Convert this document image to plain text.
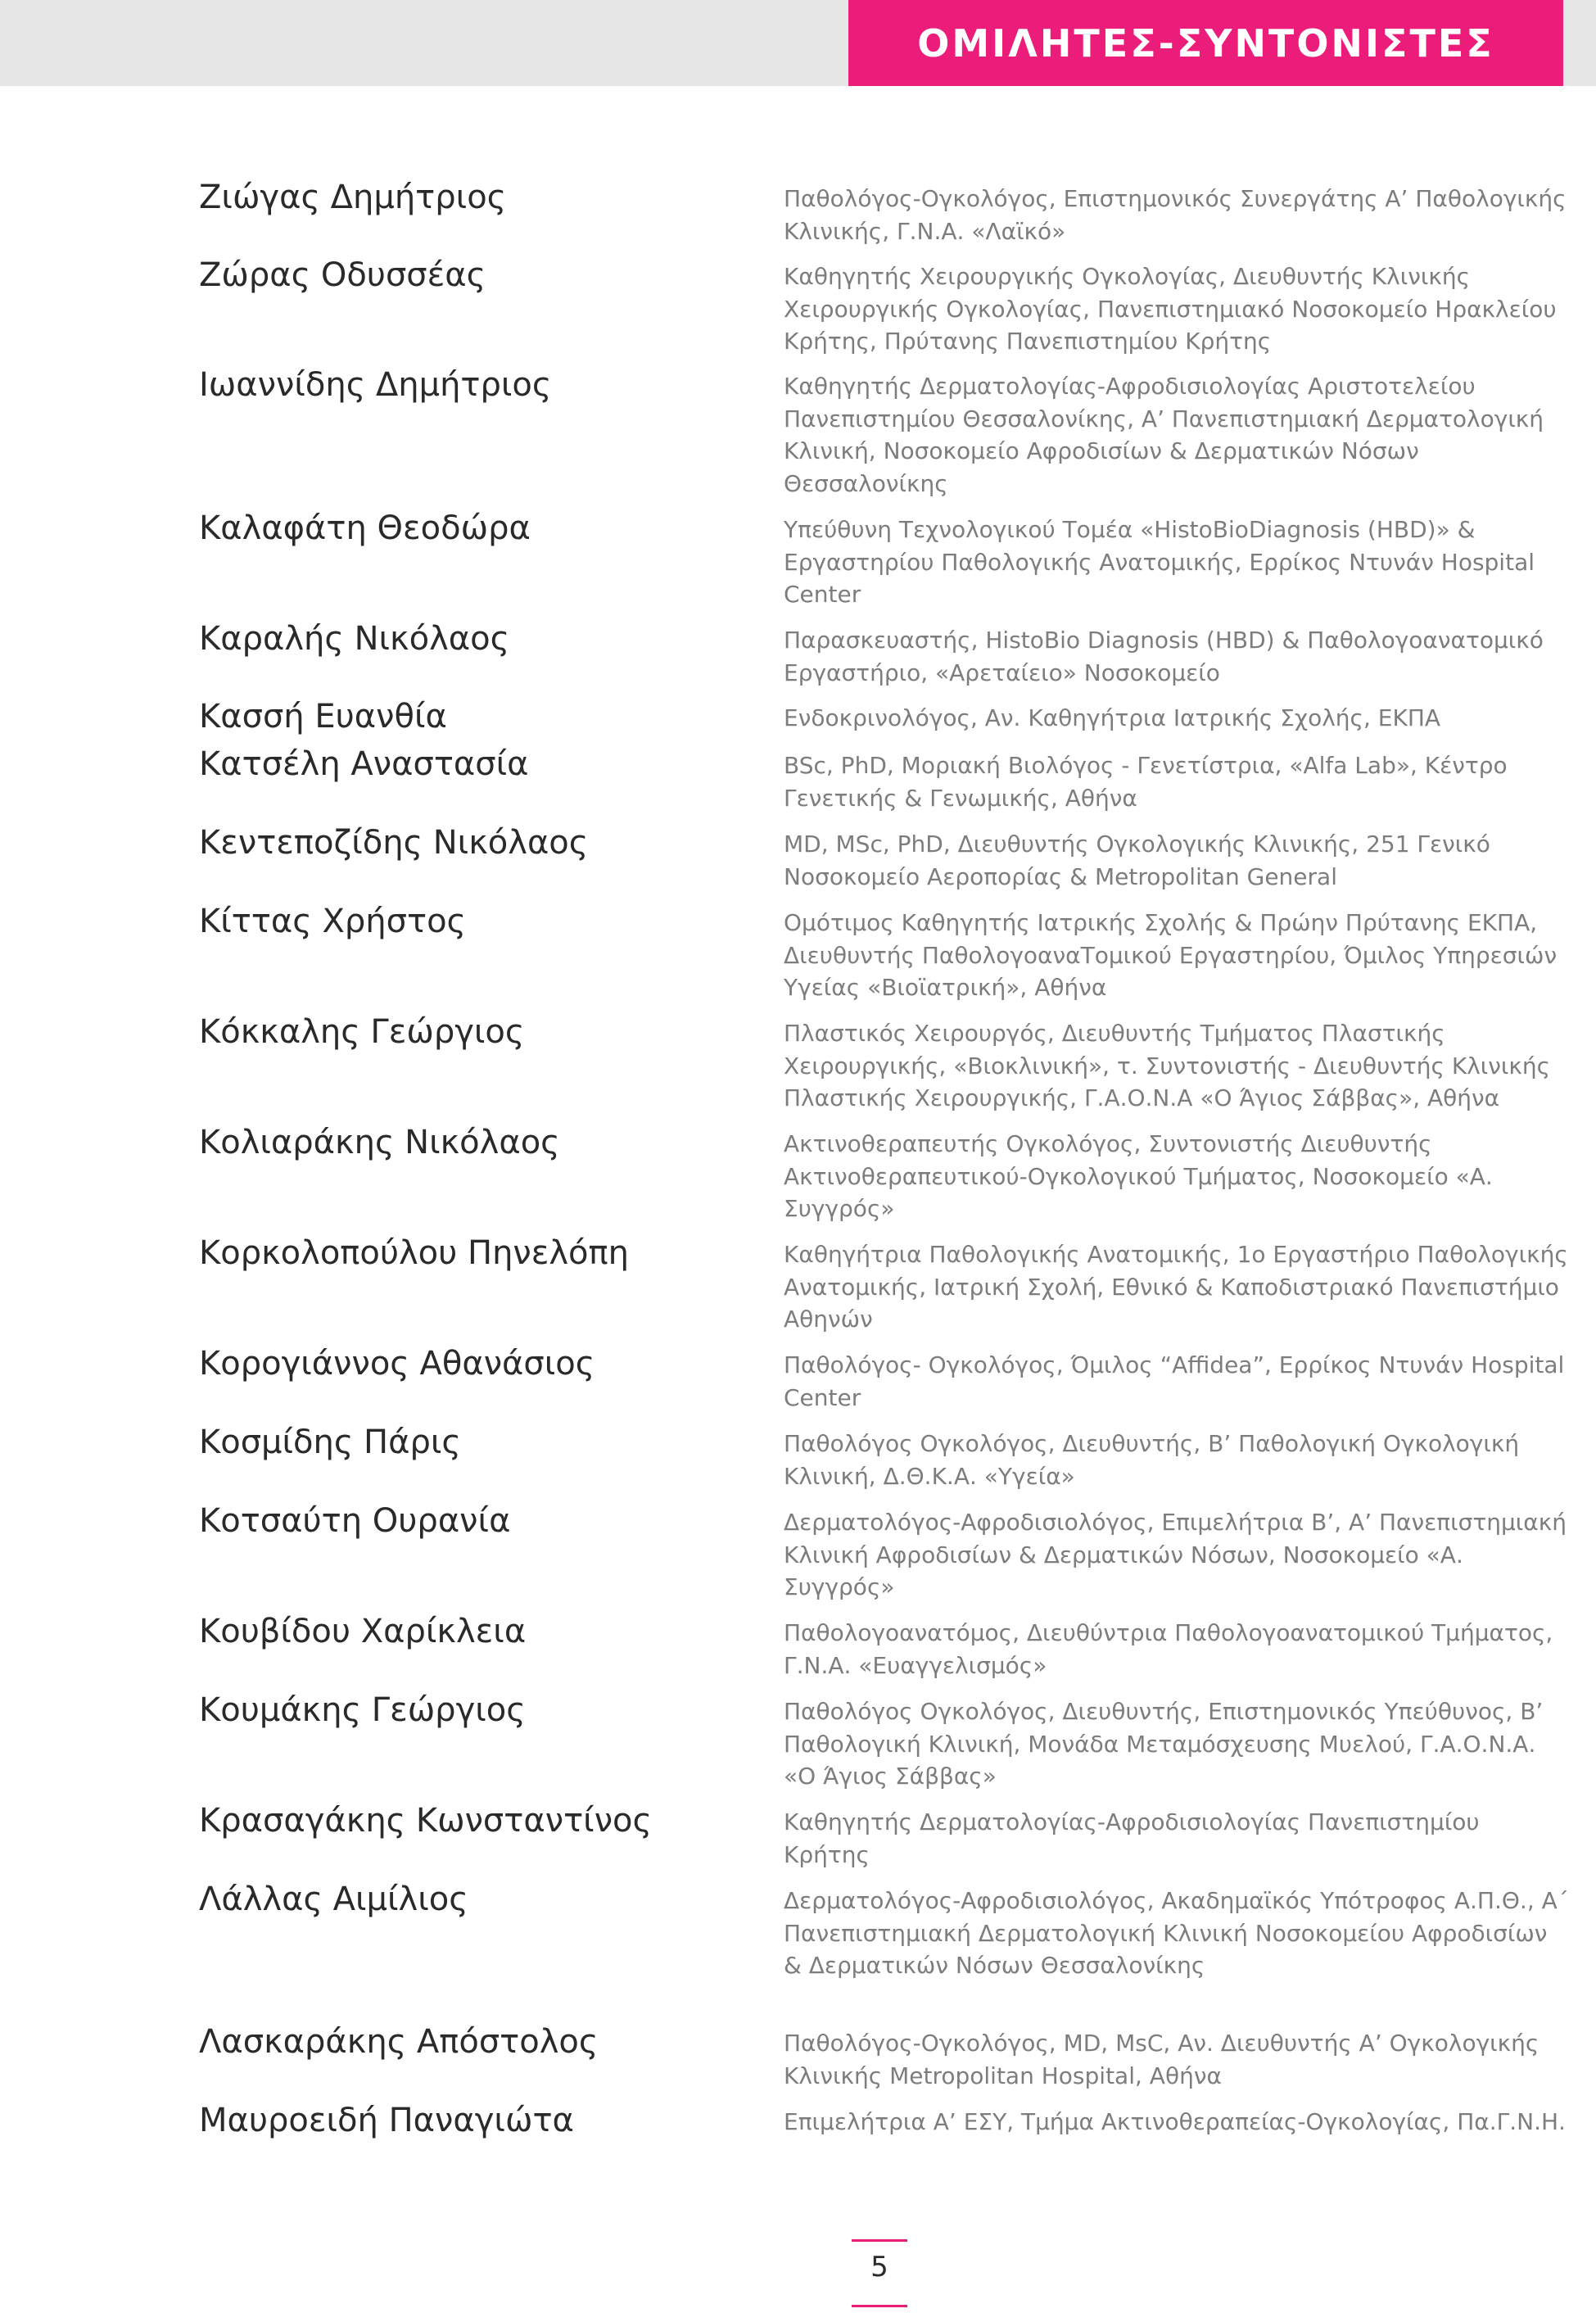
ΟΜΙΛΗΤΕΣ-ΣΥΝΤΟΝΙΣΤΕΣ
Ζιώγας Δημήτριος	Παθολόγος-Ογκολόγος, Επιστημονικός Συνεργάτης Α’ Παθολογικής Κλινικής, Γ.Ν.Α. «Λαϊκό»
Ζώρας Οδυσσέας	Καθηγητής Χειρουργικής Ογκολογίας, Διευθυντής Κλινικής Χειρουργικής Ογκολογίας, Πανεπιστημιακό Νοσοκομείο Ηρακλείου Κρήτης, Πρύτανης Πανεπιστημίου Κρήτης
Ιωαννίδης Δημήτριος	Καθηγητής Δερματολογίας-Αφροδισιολογίας Αριστοτελείου Πανεπιστημίου Θεσσαλονίκης, Α’ Πανεπιστημιακή Δερματολογική Κλινική, Νοσοκομείο Αφροδισίων & Δερματικών Νόσων Θεσσαλονίκης
Καλαφάτη Θεοδώρα	Υπεύθυνη Τεχνολογικού Τομέα «HistoBioDiagnosis (HBD)» & Εργαστηρίου Παθολογικής Ανατομικής, Ερρίκος Ντυνάν Hospital Center
Καραλής Νικόλαος	Παρασκευαστής, HistoBio Diagnosis (HBD) & Παθολογοανατομικό Εργαστήριο, «Αρεταίειο» Νοσοκομείο
Κασσή Ευανθία	Ενδοκρινολόγος, Αν. Καθηγήτρια Ιατρικής Σχολής, ΕΚΠΑ
Κατσέλη Αναστασία	BSc, PhD, Μοριακή Βιολόγος - Γενετίστρια, «Alfa Lab», Κέντρο Γενετικής & Γενωμικής, Αθήνα
Κεντεποζίδης Νικόλαος	MD, MSc, PhD, Διευθυντής Ογκολογικής Κλινικής, 251 Γενικό Νοσοκομείο Αεροπορίας & Metropolitan General
Κίττας Χρήστος	Ομότιμος Καθηγητής Ιατρικής Σχολής & Πρώην Πρύτανης ΕΚΠΑ, Διευθυντής ΠαθολογοαναΤομικού Εργαστηρίου, Όμιλος Υπηρεσιών Υγείας «Βιοϊατρική», Αθήνα
Κόκκαλης Γεώργιος	Πλαστικός Χειρουργός, Διευθυντής Τμήματος Πλαστικής Χειρουργικής, «Βιοκλινική», τ. Συντονιστής - Διευθυντής Κλινικής Πλαστικής Χειρουργικής, Γ.Α.Ο.Ν.Α «Ο Άγιος Σάββας», Αθήνα
Κολιαράκης Νικόλαος	Ακτινοθεραπευτής Ογκολόγος, Συντονιστής Διευθυντής Ακτινοθεραπευτικού-Ογκολογικού Τμήματος, Νοσοκομείο «Α. Συγγρός»
Κορκολοπούλου Πηνελόπη	Καθηγήτρια Παθολογικής Ανατομικής, 1ο Εργαστήριο Παθολογικής Ανατομικής, Ιατρική Σχολή, Εθνικό & Καποδιστριακό Πανεπιστήμιο Αθηνών
Κορογιάννος Αθανάσιος	Παθολόγος- Ογκολόγος, Όμιλος “Affidea”, Ερρίκος Ντυνάν Hospital Center
Κοσμίδης Πάρις	Παθολόγος Ογκολόγος, Διευθυντής, Β’ Παθολογική Ογκολογική Κλινική, Δ.Θ.Κ.Α. «Υγεία»
Κοτσαύτη Ουρανία	Δερματολόγος-Αφροδισιολόγος, Επιμελήτρια Β’, Α’ Πανεπιστημιακή Κλινική Αφροδισίων & Δερματικών Νόσων, Νοσοκομείο «Α. Συγγρός»
Κουβίδου Χαρίκλεια	Παθολογοανατόμος, Διευθύντρια Παθολογοανατομικού Τμήματος, Γ.Ν.Α. «Ευαγγελισμός»
Κουμάκης Γεώργιος	Παθολόγος Ογκολόγος, Διευθυντής, Επιστημονικός Υπεύθυνος, Β’ Παθολογική Κλινική, Μονάδα Μεταμόσχευσης Μυελού, Γ.Α.Ο.Ν.Α. «Ο Άγιος Σάββας»
Κρασαγάκης Κωνσταντίνος	Καθηγητής Δερματολογίας-Αφροδισιολογίας Πανεπιστημίου Κρήτης
Λάλλας Αιμίλιος	Δερματολόγος-Αφροδισιολόγος, Ακαδημαϊκός Υπότροφος Α.Π.Θ., Α΄ Πανεπιστημιακή Δερματολογική Κλινική Νοσοκομείου Αφροδισίων & Δερματικών Νόσων Θεσσαλονίκης
Λασκαράκης Απόστολος	Παθολόγος-Ογκολόγος, MD, MsC, Αν. Διευθυντής Α’ Ογκολογικής Κλινικής Metropolitan Hospital, Αθήνα
Μαυροειδή Παναγιώτα	Επιμελήτρια Α’ ΕΣΥ, Τμήμα Ακτινοθεραπείας-Ογκολογίας, Πα.Γ.Ν.Η.
5
